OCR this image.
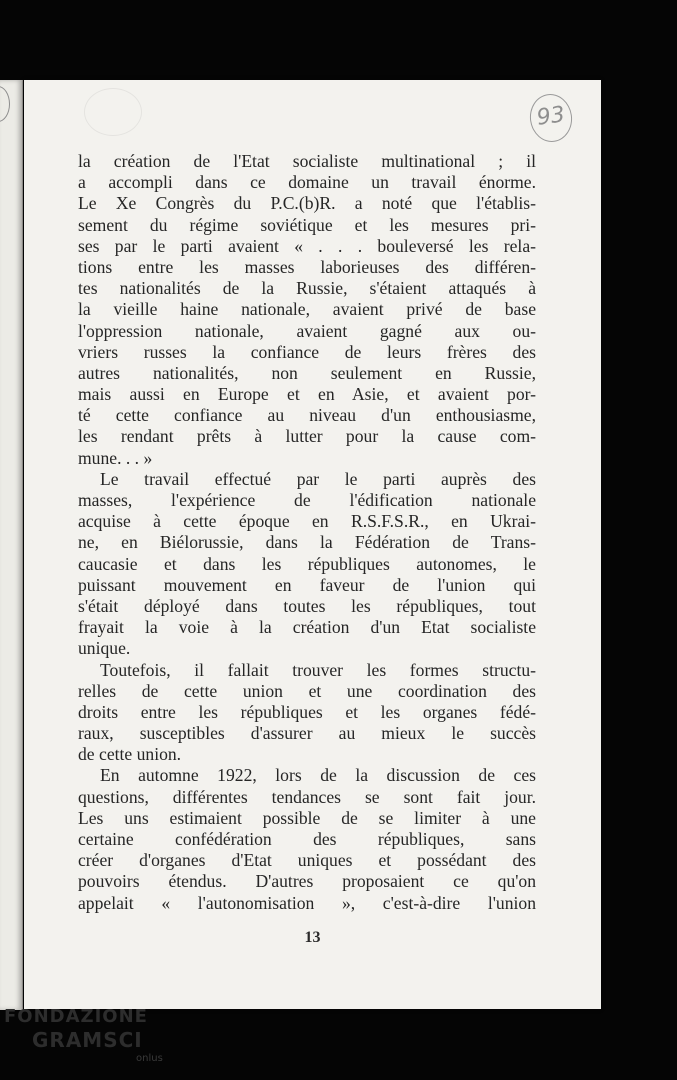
93
la création de l'Etat socialiste multinational ; il
a accompli dans ce domaine un travail énorme.
Le Xe Congrès du P.C.(b)R. a noté que l'établis-
sement du régime soviétique et les mesures pri-
ses par le parti avaient « . . . bouleversé les rela-
tions entre les masses laborieuses des différen-
tes nationalités de la Russie, s'étaient attaqués à
la vieille haine nationale, avaient privé de base
l'oppression nationale, avaient gagné aux ou-
vriers russes la confiance de leurs frères des
autres nationalités, non seulement en Russie,
mais aussi en Europe et en Asie, et avaient por-
té cette confiance au niveau d'un enthousiasme,
les rendant prêts à lutter pour la cause com-
mune. . . »
Le travail effectué par le parti auprès des
masses, l'expérience de l'édification nationale
acquise à cette époque en R.S.F.S.R., en Ukrai-
ne, en Biélorussie, dans la Fédération de Trans-
caucasie et dans les républiques autonomes, le
puissant mouvement en faveur de l'union qui
s'était déployé dans toutes les républiques, tout
frayait la voie à la création d'un Etat socialiste
unique.
Toutefois, il fallait trouver les formes structu-
relles de cette union et une coordination des
droits entre les républiques et les organes fédé-
raux, susceptibles d'assurer au mieux le succès
de cette union.
En automne 1922, lors de la discussion de ces
questions, différentes tendances se sont fait jour.
Les uns estimaient possible de se limiter à une
certaine confédération des républiques, sans
créer d'organes d'Etat uniques et possédant des
pouvoirs étendus. D'autres proposaient ce qu'on
appelait « l'autonomisation », c'est-à-dire l'union
13
FONDAZIONE
GRAMSCI
onlus
